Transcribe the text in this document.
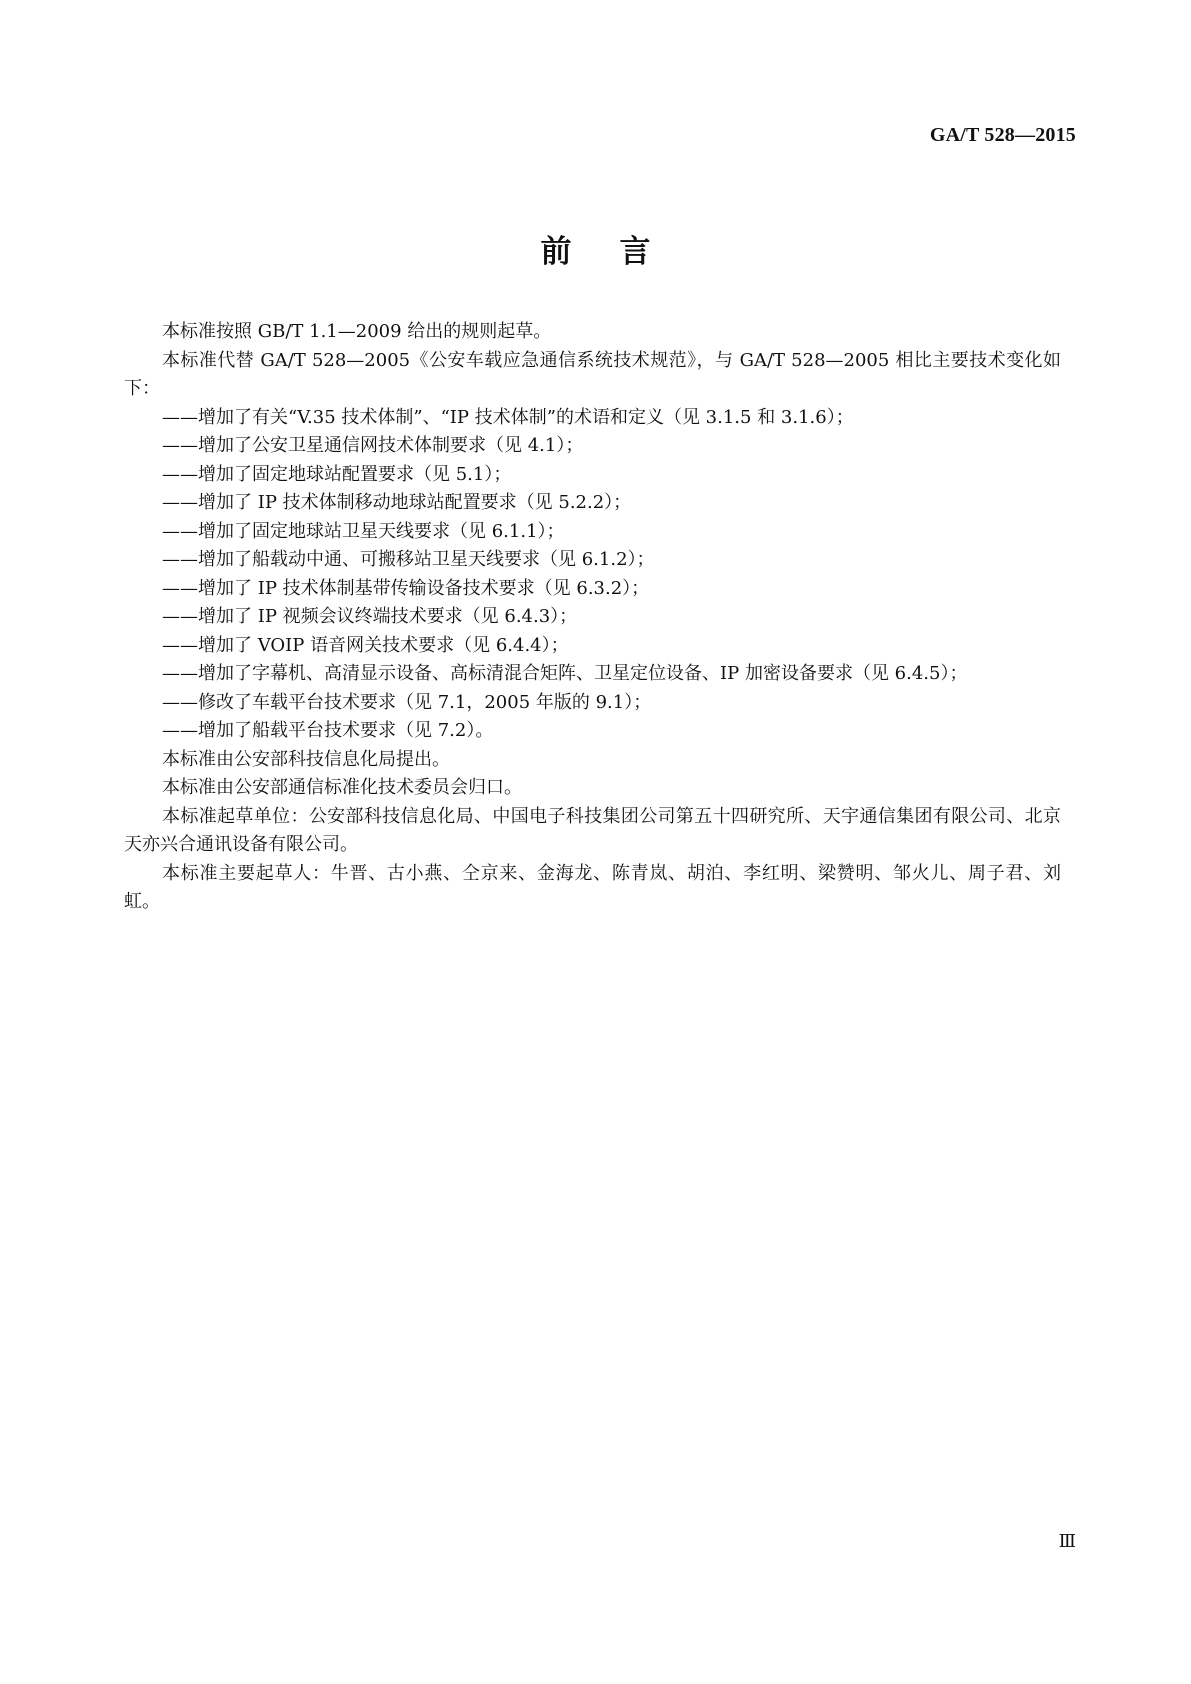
GA/T 528—2015
前言

本标准按照 GB/T 1.1—2009 给出的规则起草。

本标准代替 GA/T 528—2005《公安车载应急通信系统技术规范》，与 GA/T 528—2005 相比主要技术变化如下：

——增加了有关“V.35 技术体制”、“IP 技术体制”的术语和定义（见 3.1.5 和 3.1.6）；

——增加了公安卫星通信网技术体制要求（见 4.1）；

——增加了固定地球站配置要求（见 5.1）；

——增加了 IP 技术体制移动地球站配置要求（见 5.2.2）；

——增加了固定地球站卫星天线要求（见 6.1.1）；

——增加了船载动中通、可搬移站卫星天线要求（见 6.1.2）；

——增加了 IP 技术体制基带传输设备技术要求（见 6.3.2）；

——增加了 IP 视频会议终端技术要求（见 6.4.3）；

——增加了 VOIP 语音网关技术要求（见 6.4.4）；

——增加了字幕机、高清显示设备、高标清混合矩阵、卫星定位设备、IP 加密设备要求（见 6.4.5）；

——修改了车载平台技术要求（见 7.1，2005 年版的 9.1）；

——增加了船载平台技术要求（见 7.2）。

本标准由公安部科技信息化局提出。

本标准由公安部通信标准化技术委员会归口。

本标准起草单位：公安部科技信息化局、中国电子科技集团公司第五十四研究所、天宇通信集团有限公司、北京天亦兴合通讯设备有限公司。

本标准主要起草人：牛晋、古小燕、仝京来、金海龙、陈青岚、胡泊、李红明、梁赞明、邹火儿、周子君、刘虹。

Ⅲ
